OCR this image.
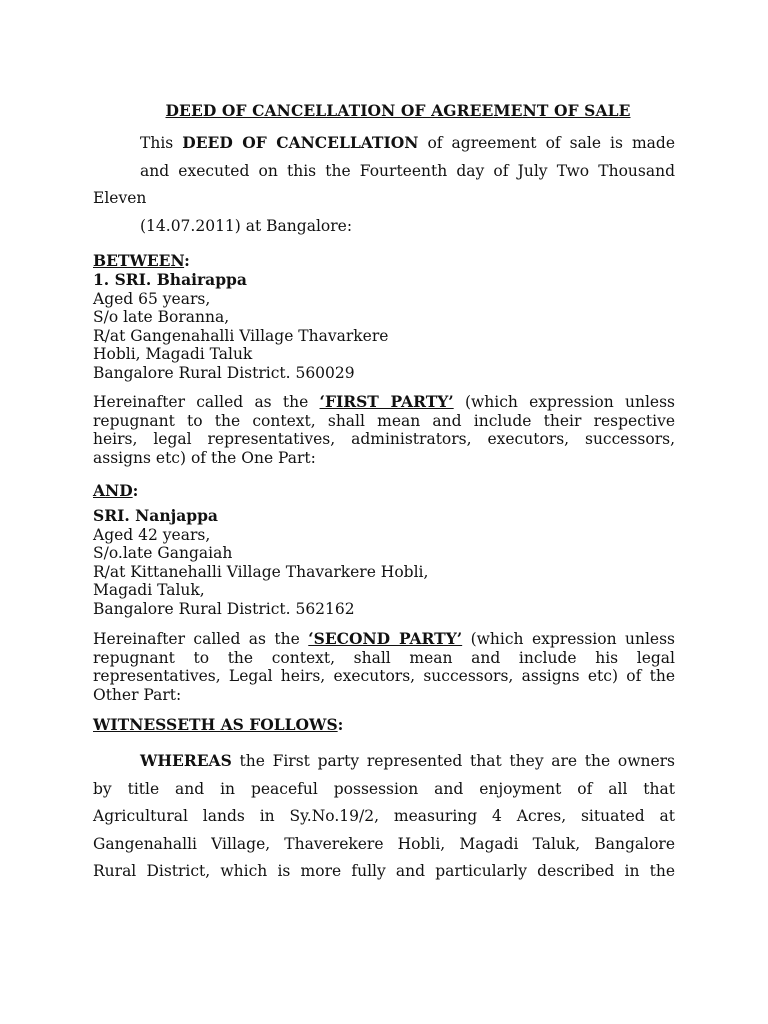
DEED OF CANCELLATION OF AGREEMENT OF SALE

This DEED OF CANCELLATION of agreement of sale is made
and executed on this the Fourteenth day of July Two Thousand Eleven
(14.07.2011) at Bangalore:

BETWEEN:

1. SRI. Bhairappa
Aged 65 years,
S/o late Boranna,
R/at Gangenahalli Village Thavarkere
Hobli, Magadi Taluk
Bangalore Rural District. 560029
Hereinafter called as the ‘FIRST PARTY’ (which expression unless
repugnant to the context, shall mean and include their respective
heirs, legal representatives, administrators, executors, successors,
assigns etc) of the One Part:

AND:

SRI. Nanjappa
Aged 42 years,
S/o.late Gangaiah
R/at Kittanehalli Village Thavarkere Hobli,
Magadi Taluk,
Bangalore Rural District. 562162
Hereinafter called as the ‘SECOND PARTY’ (which expression unless
repugnant to the context, shall mean and include his legal
representatives, Legal heirs, executors, successors, assigns etc) of the
Other Part:

WITNESSETH AS FOLLOWS:

WHEREAS the First party represented that they are the owners
by title and in peaceful possession and enjoyment of all that
Agricultural lands in Sy.No.19/2, measuring 4 Acres, situated at
Gangenahalli Village, Thaverekere Hobli, Magadi Taluk, Bangalore
Rural District, which is more fully and particularly described in the
